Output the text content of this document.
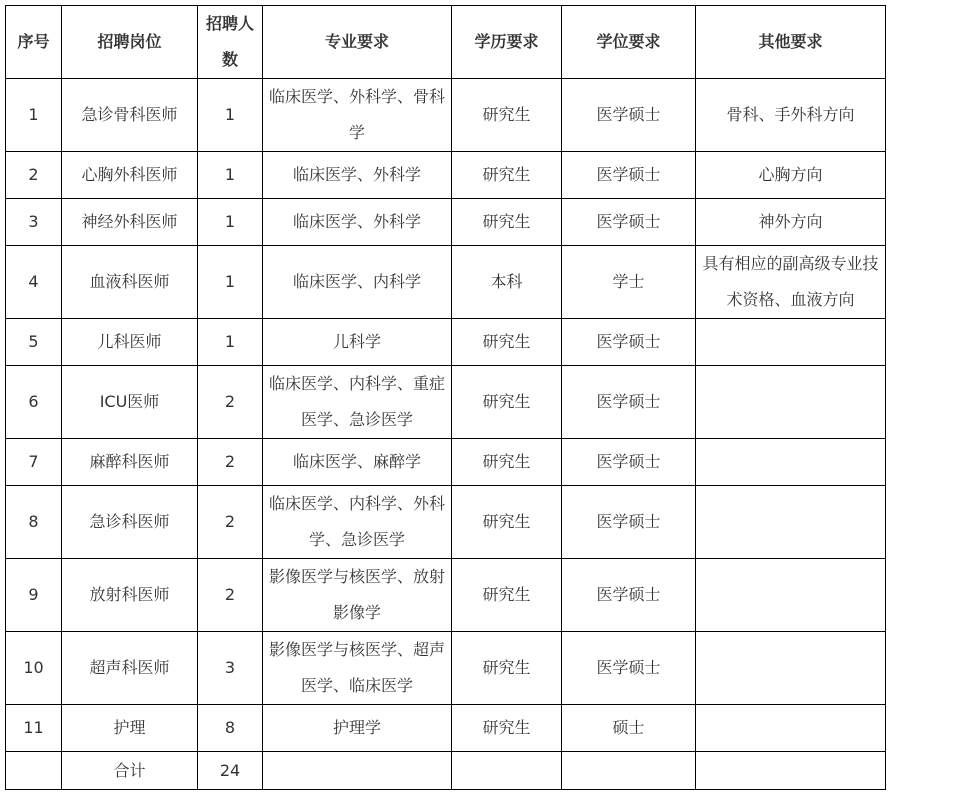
序号	招聘岗位	招聘人数	专业要求	学历要求	学位要求	其他要求

1	急诊骨科医师	1	临床医学、外科学、骨科学	研究生	医学硕士	骨科、手外科方向

2	心胸外科医师	1	临床医学、外科学	研究生	医学硕士	心胸方向

3	神经外科医师	1	临床医学、外科学	研究生	医学硕士	神外方向

4	血液科医师	1	临床医学、内科学	本科	学士	具有相应的副高级专业技术资格、血液方向

5	儿科医师	1	儿科学	研究生	医学硕士	

6	ICU医师	2	临床医学、内科学、重症医学、急诊医学	研究生	医学硕士	

7	麻醉科医师	2	临床医学、麻醉学	研究生	医学硕士	

8	急诊科医师	2	临床医学、内科学、外科学、急诊医学	研究生	医学硕士	

9	放射科医师	2	影像医学与核医学、放射影像学	研究生	医学硕士	

10	超声科医师	3	影像医学与核医学、超声医学、临床医学	研究生	医学硕士	

11	护理	8	护理学	研究生	硕士	

	合计	24				
